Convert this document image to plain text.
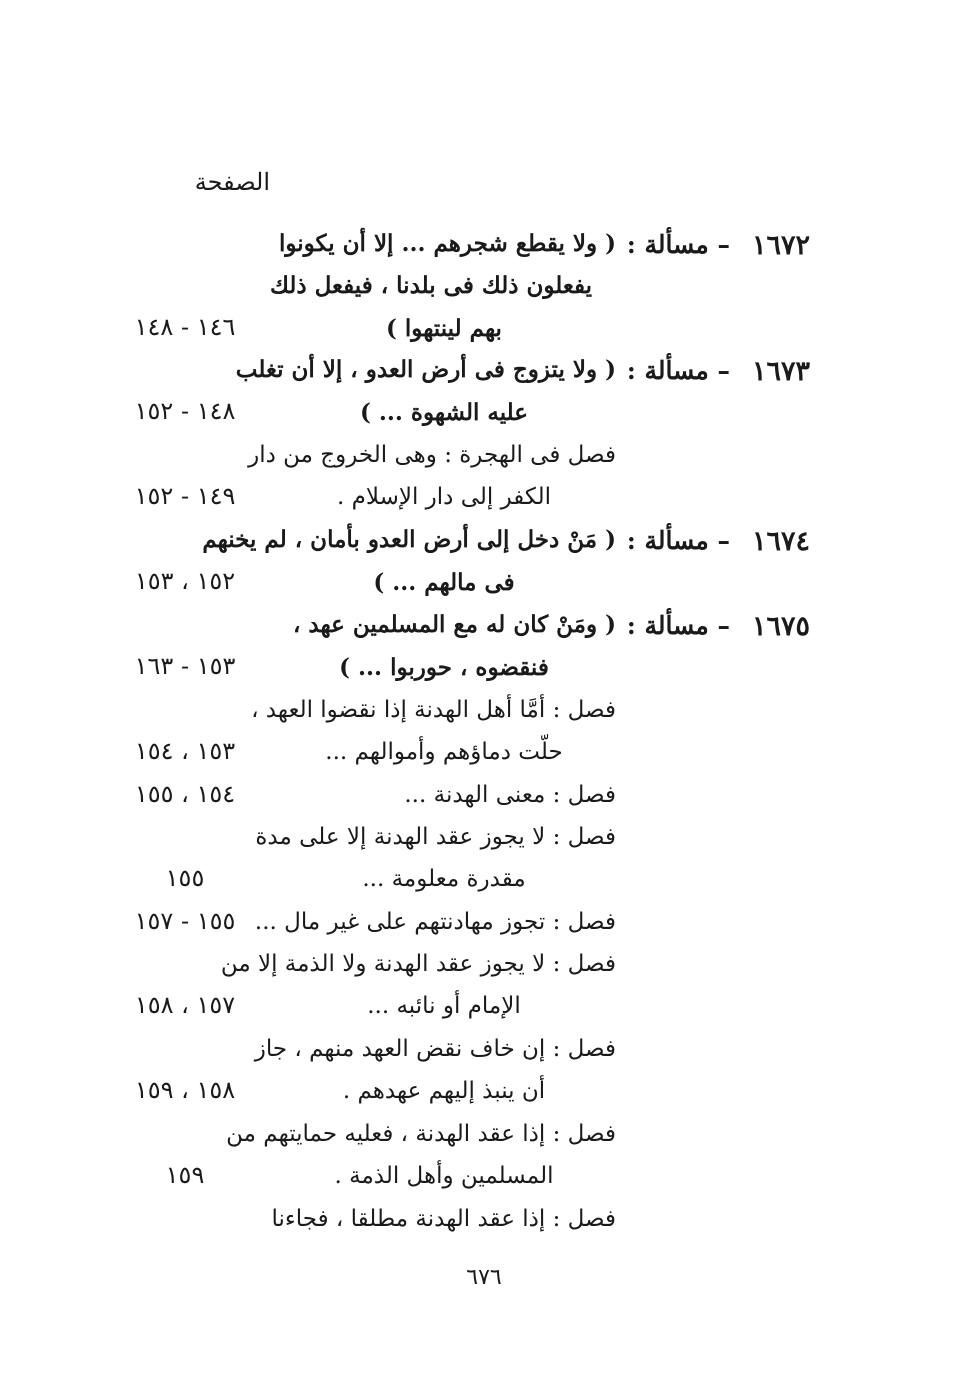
الصفحة
١٦٧٢
– مسألة :
( ولا يقطع شجرهم ... إلا أن يكونوا
يفعلون ذلك فى بلدنا ، فيفعل ذلك
بهم لينتهوا )
١٤٦ - ١٤٨
١٦٧٣
– مسألة :
( ولا يتزوج فى أرض العدو ، إلا أن تغلب
عليه الشهوة ... )
١٤٨ - ١٥٢
فصل فى الهجرة : وهى الخروج من دار
الكفر إلى دار الإسلام .
١٤٩ - ١٥٢
١٦٧٤
– مسألة :
( مَنْ دخل إلى أرض العدو بأمان ، لم يخنهم
فى مالهم ... )
١٥٢ ، ١٥٣
١٦٧٥
– مسألة :
( ومَنْ كان له مع المسلمين عهد ،
فنقضوه ، حوربوا ... )
١٥٣ - ١٦٣
فصل : أمَّا أهل الهدنة إذا نقضوا العهد ،
حلّت دماؤهم وأموالهم ...
١٥٣ ، ١٥٤
فصل : معنى الهدنة ...
١٥٤ ، ١٥٥
فصل : لا يجوز عقد الهدنة إلا على مدة
مقدرة معلومة ...
١٥٥
فصل : تجوز مهادنتهم على غير مال ...
١٥٥ - ١٥٧
فصل : لا يجوز عقد الهدنة ولا الذمة إلا من
الإمام أو نائبه ...
١٥٧ ، ١٥٨
فصل : إن خاف نقض العهد منهم ، جاز
أن ينبذ إليهم عهدهم .
١٥٨ ، ١٥٩
فصل : إذا عقد الهدنة ، فعليه حمايتهم من
المسلمين وأهل الذمة .
١٥٩
فصل : إذا عقد الهدنة مطلقا ، فجاءنا
٦٧٦
